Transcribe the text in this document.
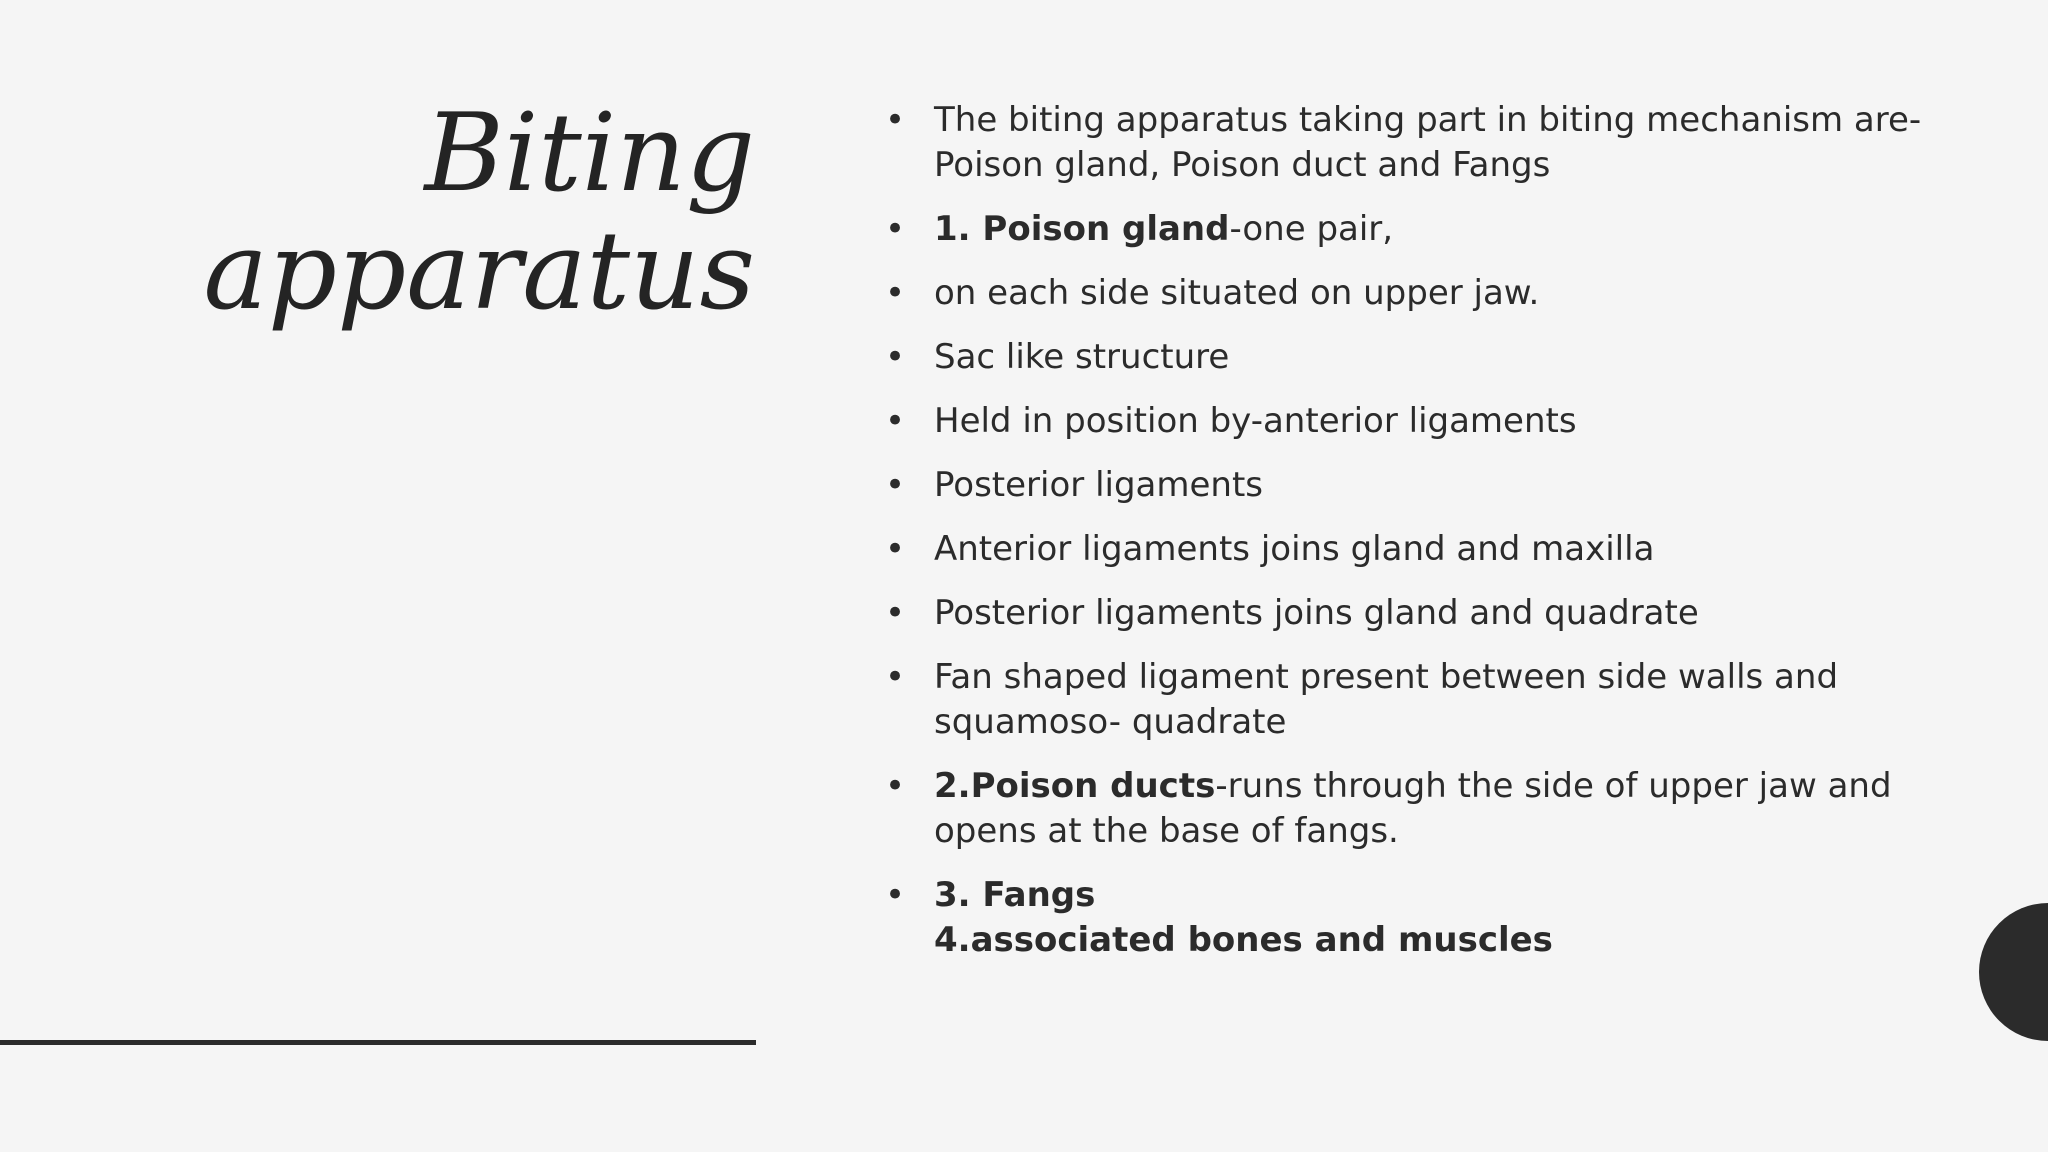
Biting
apparatus
• The biting apparatus taking part in biting mechanism are- Poison gland, Poison duct and Fangs
• 1. Poison gland-one pair,
• on each side situated on upper jaw.
• Sac like structure
• Held in position by-anterior ligaments
• Posterior ligaments
• Anterior ligaments joins gland and maxilla
• Posterior ligaments joins gland and quadrate
• Fan shaped ligament present between side walls and squamoso- quadrate
• 2.Poison ducts-runs through the side of upper jaw and opens at the base of fangs.
• 3. Fangs
4.associated bones and muscles
